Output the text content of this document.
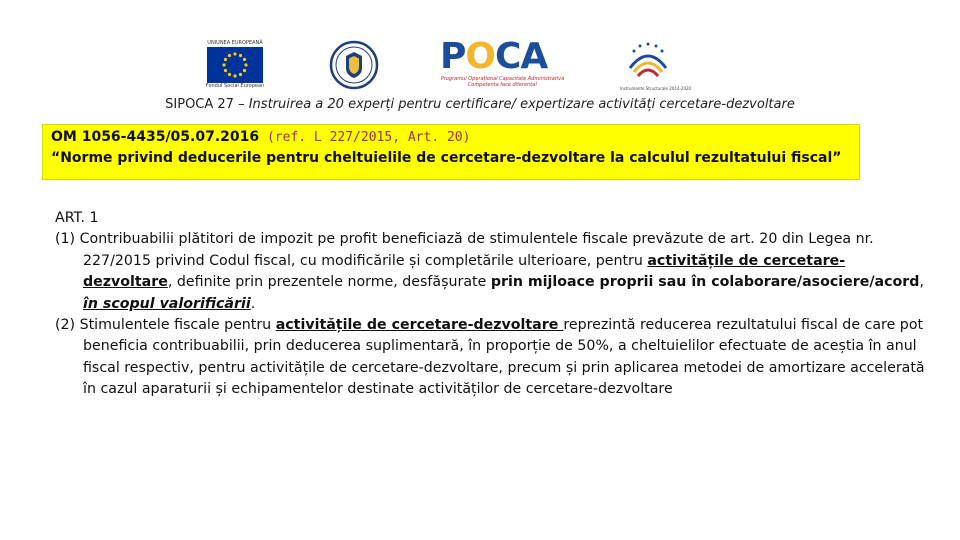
UNIUNEA EUROPEANĂ
Fondul Social European
POCA
Programul Operațional Capacitate Administrativă
Competența face diferența!
Instrumente Structurale 2014-2020
SIPOCA 27 – Instruirea a 20 experți pentru certificare/ expertizare activități cercetare-dezvoltare
OM 1056-4435/05.07.2016 (ref. L 227/2015, Art. 20)
“Norme privind deducerile pentru cheltuielile de cercetare-dezvoltare la calculul rezultatului fiscal”
ART. 1
(1) Contribuabilii plătitori de impozit pe profit beneficiază de stimulentele fiscale prevăzute de art. 20 din Legea nr. 227/2015 privind Codul fiscal, cu modificările și completările ulterioare, pentru activitățile de cercetare-dezvoltare, definite prin prezentele norme, desfășurate prin mijloace proprii sau în colaborare/asociere/acord, în scopul valorificării.
(2) Stimulentele fiscale pentru activitățile de cercetare-dezvoltare reprezintă reducerea rezultatului fiscal de care pot beneficia contribuabilii, prin deducerea suplimentară, în proporție de 50%, a cheltuielilor efectuate de aceștia în anul fiscal respectiv, pentru activitățile de cercetare-dezvoltare, precum și prin aplicarea metodei de amortizare accelerată în cazul aparaturii și echipamentelor destinate activităților de cercetare-dezvoltare
